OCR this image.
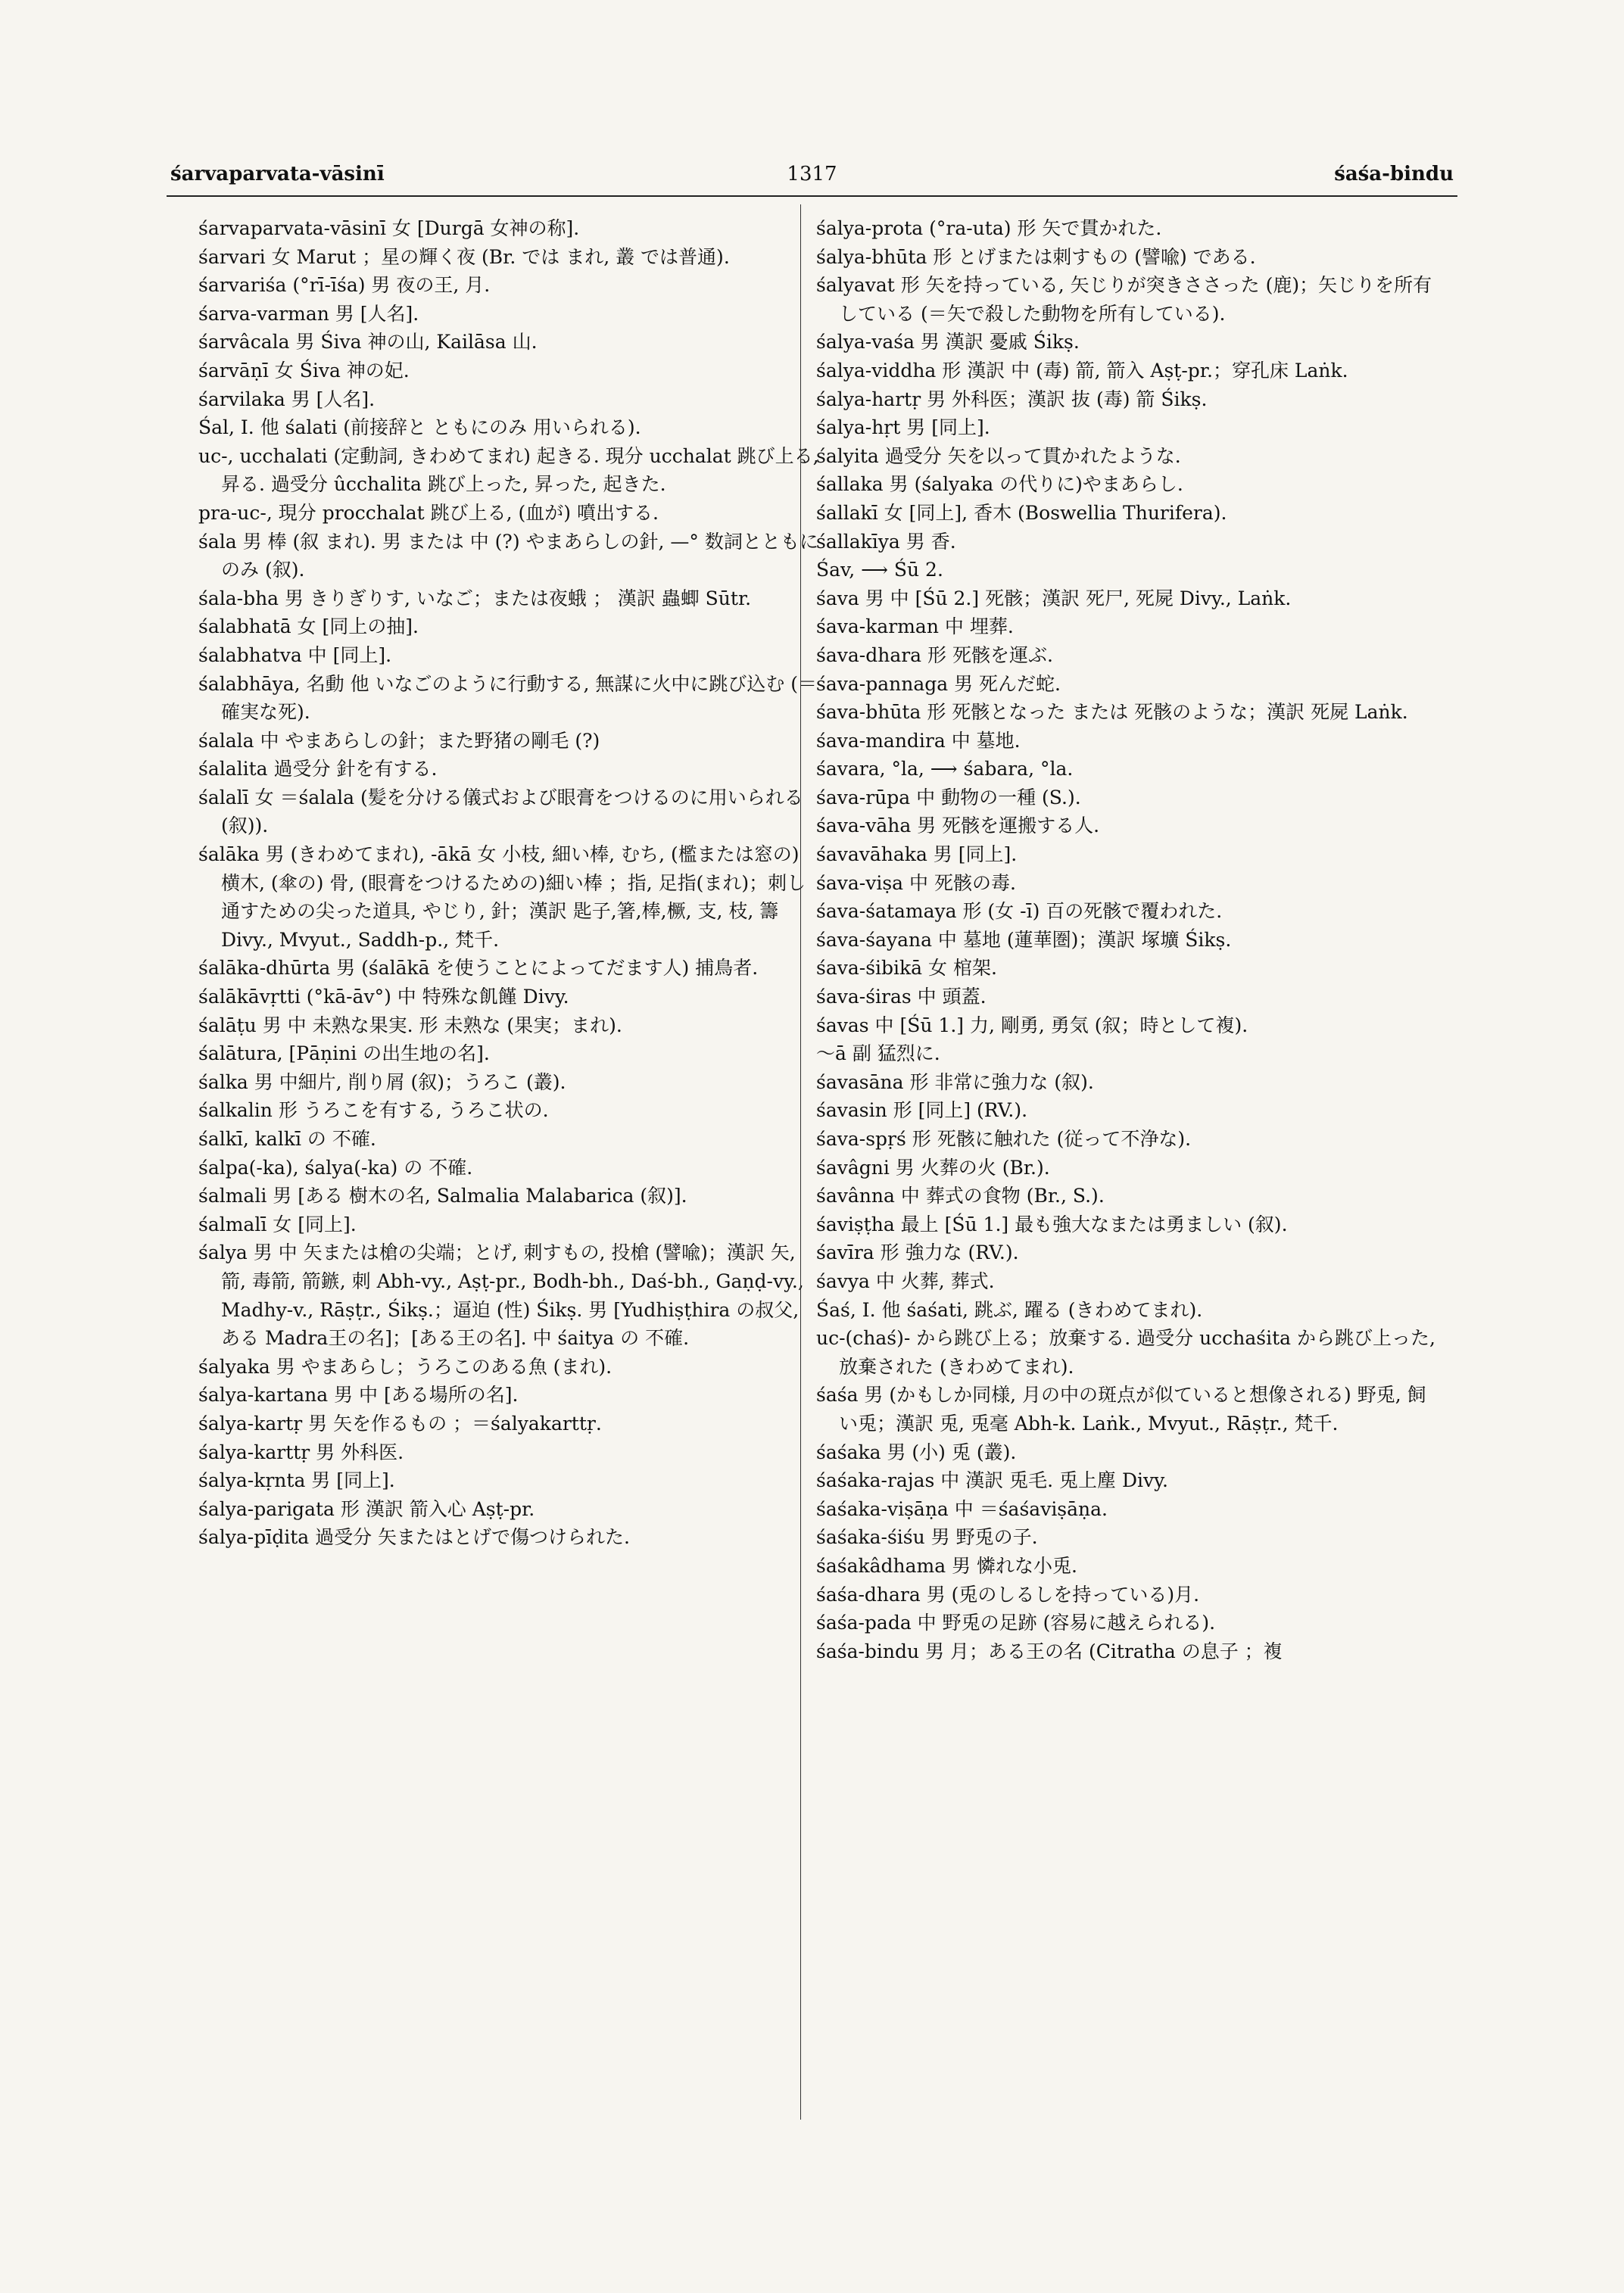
śarvaparvata-vāsinī	1317	śaśa-bindu

śarvaparvata-vāsinī 女 [Durgā 女神の称].

śarvari 女 Marut ；星の輝く夜 (Br. では まれ, 叢 では普通).

śarvariśa (°rī-īśa) 男 夜の王, 月.

śarva-varman 男 [人名].

śarvâcala 男 Śiva 神の山, Kailāsa 山.

śarvāṇī 女 Śiva 神の妃.

śarvilaka 男 [人名].

Śal, I. 他 śalati (前接辞と ともにのみ 用いられる).

uc-, ucchalati (定動詞, きわめてまれ) 起きる. 現分 ucchalat 跳び上る, 昇る. 過受分 ûcchalita 跳び上った, 昇った, 起きた.

pra-uc-, 現分 procchalat 跳び上る, (血が) 噴出する.

śala 男 棒 (叙 まれ). 男 または 中 (?) やまあらしの針, —° 数詞とともにのみ (叙).

śala-bha 男 きりぎりす, いなご；または夜蛾 ； 漢訳 蟲蝍 Sūtr.

śalabhatā 女 [同上の抽].

śalabhatva 中 [同上].

śalabhāya, 名動 他 いなごのように行動する, 無謀に火中に跳び込む (＝確実な死).

śalala 中 やまあらしの針；また野猪の剛毛 (?)

śalalita 過受分 針を有する.

śalalī 女 ＝śalala (髪を分ける儀式および眼膏をつけるのに用いられる (叙)).

śalāka 男 (きわめてまれ), -ākā 女 小枝, 細い棒, むち, (檻または窓の) 横木, (傘の) 骨, (眼膏をつけるための)細い棒 ；指, 足指(まれ)；刺し通すための尖った道具, やじり, 針；漢訳 匙子,箸,棒,橛, 支, 枝, 籌 Divy., Mvyut., Saddh-p., 梵千.

śalāka-dhūrta 男 (śalākā を使うことによってだます人) 捕鳥者.

śalākāvṛtti (°kā-āv°) 中 特殊な飢饉 Divy.

śalāṭu 男 中 未熟な果実. 形 未熟な (果実；まれ).

śalātura, [Pāṇini の出生地の名].

śalka 男 中細片, 削り屑 (叙)；うろこ (叢).

śalkalin 形 うろこを有する, うろこ状の.

śalkī, kalkī の 不確.

śalpa(-ka), śalya(-ka) の 不確.

śalmali 男 [ある 樹木の名, Salmalia Malabarica (叙)].

śalmalī 女 [同上].

śalya 男 中 矢または槍の尖端；とげ, 刺すもの, 投槍 (譬喩)；漢訳 矢, 箭, 毒箭, 箭鏃, 刺 Abh-vy., Aṣṭ-pr., Bodh-bh., Daś-bh., Gaṇḍ-vy., Madhy-v., Rāṣṭr., Śikṣ.；逼迫 (性) Śikṣ. 男 [Yudhiṣṭhira の叔父, ある Madra王の名]；[ある王の名]. 中 śaitya の 不確.

śalyaka 男 やまあらし；うろこのある魚 (まれ).

śalya-kartana 男 中 [ある場所の名].

śalya-kartṛ 男 矢を作るもの ；＝śalyakarttṛ.

śalya-karttṛ 男 外科医.

śalya-kṛnta 男 [同上].

śalya-parigata 形 漢訳 箭入心 Aṣṭ-pr.

śalya-pīḍita 過受分 矢またはとげで傷つけられた.

śalya-prota (°ra-uta) 形 矢で貫かれた.

śalya-bhūta 形 とげまたは刺すもの (譬喩) である.

śalyavat 形 矢を持っている, 矢じりが突きささった (鹿)；矢じりを所有している (＝矢で殺した動物を所有している).

śalya-vaśa 男 漢訳 憂戚 Śikṣ.

śalya-viddha 形 漢訳 中 (毒) 箭, 箭入 Aṣṭ-pr.；穿孔床 Laṅk.

śalya-hartṛ 男 外科医；漢訳 抜 (毒) 箭 Śikṣ.

śalya-hṛt 男 [同上].

śalyita 過受分 矢を以って貫かれたような.

śallaka 男 (śalyaka の代りに)やまあらし.

śallakī 女 [同上], 香木 (Boswellia Thurifera).

śallakīya 男 香.

Śav, ⟶ Śū 2.

śava 男 中 [Śū 2.] 死骸；漢訳 死尸, 死屍 Divy., Laṅk.

śava-karman 中 埋葬.

śava-dhara 形 死骸を運ぶ.

śava-pannaga 男 死んだ蛇.

śava-bhūta 形 死骸となった または 死骸のような；漢訳 死屍 Laṅk.

śava-mandira 中 墓地.

śavara, °la, ⟶ śabara, °la.

śava-rūpa 中 動物の一種 (S.).

śava-vāha 男 死骸を運搬する人.

śavavāhaka 男 [同上].

śava-viṣa 中 死骸の毒.

śava-śatamaya 形 (女 -ī) 百の死骸で覆われた.

śava-śayana 中 墓地 (蓮華圏)；漢訳 塚壙 Śikṣ.

śava-śibikā 女 棺架.

śava-śiras 中 頭蓋.

śavas 中 [Śū 1.] 力, 剛勇, 勇気 (叙；時として複).

〜ā 副 猛烈に.

śavasāna 形 非常に強力な (叙).

śavasin 形 [同上] (RV.).

śava-spṛś 形 死骸に触れた (従って不浄な).

śavâgni 男 火葬の火 (Br.).

śavânna 中 葬式の食物 (Br., S.).

śaviṣṭha 最上 [Śū 1.] 最も強大なまたは勇ましい (叙).

śavīra 形 強力な (RV.).

śavya 中 火葬, 葬式.

Śaś, I. 他 śaśati, 跳ぶ, 躍る (きわめてまれ).

uc-(chaś)- から跳び上る；放棄する. 過受分 ucchaśita から跳び上った, 放棄された (きわめてまれ).

śaśa 男 (かもしか同様, 月の中の斑点が似ていると想像される) 野兎, 飼い兎；漢訳 兎, 兎毫 Abh-k. Laṅk., Mvyut., Rāṣṭr., 梵千.

śaśaka 男 (小) 兎 (叢).

śaśaka-rajas 中 漢訳 兎毛. 兎上塵 Divy.

śaśaka-viṣāṇa 中 ＝śaśaviṣāṇa.

śaśaka-śiśu 男 野兎の子.

śaśakâdhama 男 憐れな小兎.

śaśa-dhara 男 (兎のしるしを持っている)月.

śaśa-pada 中 野兎の足跡 (容易に越えられる).

śaśa-bindu 男 月；ある王の名 (Citratha の息子 ；複
